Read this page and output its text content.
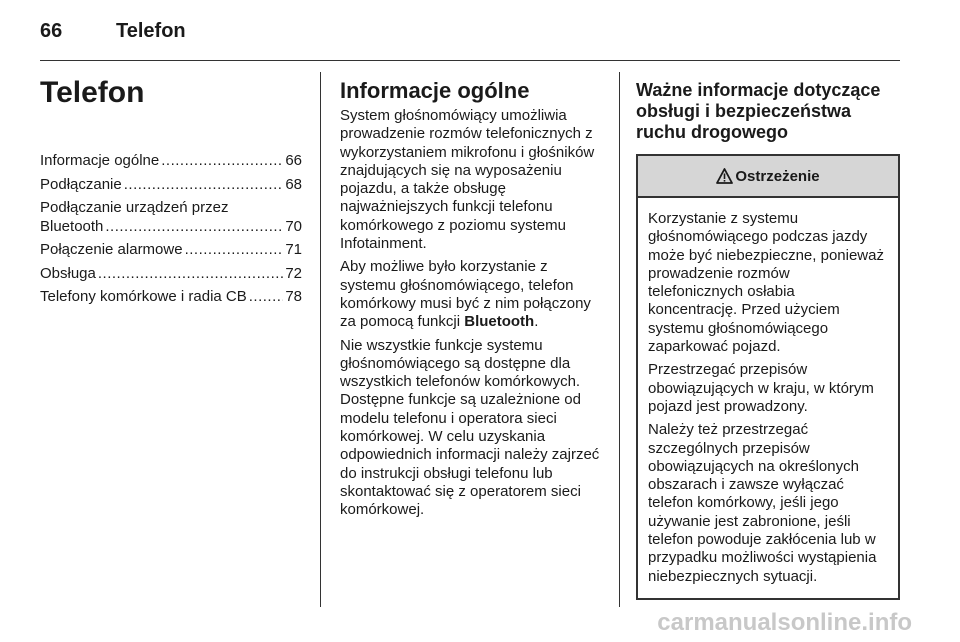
66	Telefon
Telefon
Informacje ogólne .....	66
Podłączanie .....	68
Podłączanie urządzeń przez
Bluetooth .....	70
Połączenie alarmowe .....	71
Obsługa .....	72
Telefony komórkowe i radia CB .....	78
Informacje ogólne

System głośnomówiący umożliwia prowadzenie rozmów telefonicznych z wykorzystaniem mikrofonu i głośników znajdujących się na wyposażeniu pojazdu, a także obsługę najważniejszych funkcji telefonu komórkowego z poziomu systemu Infotainment.

Aby możliwe było korzystanie z systemu głośnomówiącego, telefon komórkowy musi być z nim połączony za pomocą funkcji Bluetooth.

Nie wszystkie funkcje systemu głośnomówiącego są dostępne dla wszystkich telefonów komórkowych. Dostępne funkcje są uzależnione od modelu telefonu i operatora sieci komórkowej. W celu uzyskania odpowiednich informacji należy zajrzeć do instrukcji obsługi telefonu lub skontaktować się z operatorem sieci komórkowej.

Ważne informacje dotyczące obsługi i bezpieczeństwa ruchu drogowego
Ostrzeżenie

Korzystanie z systemu głośnomówiącego podczas jazdy może być niebezpieczne, ponieważ prowadzenie rozmów telefonicznych osłabia koncentrację. Przed użyciem systemu głośnomówiącego zaparkować pojazd.

Przestrzegać przepisów obowiązujących w kraju, w którym pojazd jest prowadzony.

Należy też przestrzegać szczególnych przepisów obowiązujących na określonych obszarach i zawsze wyłączać telefon komórkowy, jeśli jego używanie jest zabronione, jeśli telefon powoduje zakłócenia lub w przypadku możliwości wystąpienia niebezpiecznych sytuacji.

carmanualsonline.info
